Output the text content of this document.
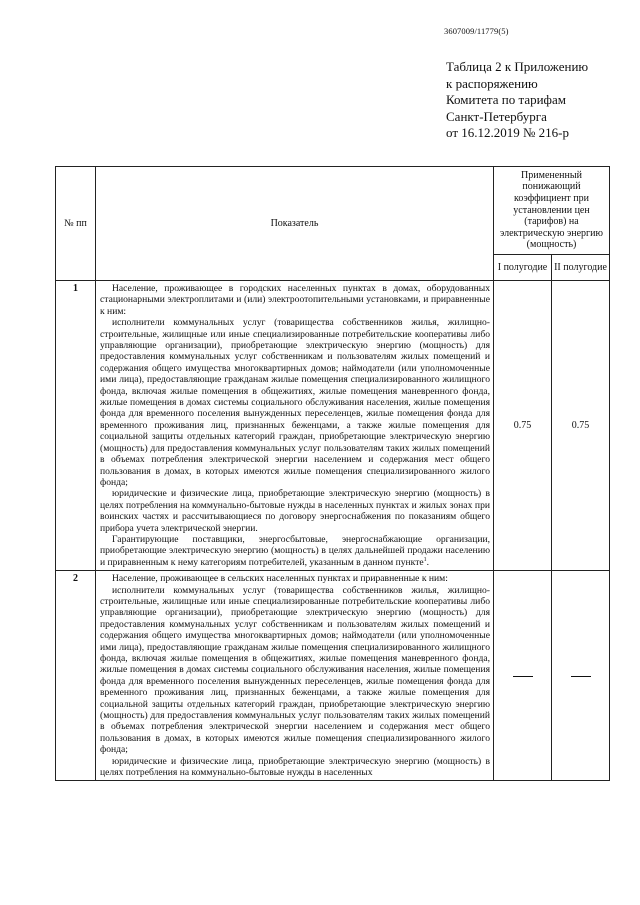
3607009/11779(5)
Таблица 2 к Приложению
к распоряжению
Комитета по тарифам
Санкт-Петербурга
от 16.12.2019 № 216-р
№ пп	Показатель	Примененный понижающий коэффициент при установлении цен (тарифов) на электрическую энергию (мощность)	
		I полугодие	II полугодие
1	Население, проживающее в городских населенных пунктах в домах, оборудованных стационарными электроплитами и (или) электроотопительными установками, и приравненные к ним:

исполнители коммунальных услуг (товарищества собственников жилья, жилищно-строительные, жилищные или иные специализированные потребительские кооперативы либо управляющие организации), приобретающие электрическую энергию (мощность) для предоставления коммунальных услуг собственникам и пользователям жилых помещений и содержания общего имущества многоквартирных домов; наймодатели (или уполномоченные ими лица), предоставляющие гражданам жилые помещения специализированного жилищного фонда, включая жилые помещения в общежитиях, жилые помещения маневренного фонда, жилые помещения в домах системы социального обслуживания населения, жилые помещения фонда для временного поселения вынужденных переселенцев, жилые помещения фонда для временного проживания лиц, признанных беженцами, а также жилые помещения для социальной защиты отдельных категорий граждан, приобретающие электрическую энергию (мощность) для предоставления коммунальных услуг пользователям таких жилых помещений в объемах потребления электрической энергии населением и содержания мест общего пользования в домах, в которых имеются жилые помещения специализированного жилого фонда;

юридические и физические лица, приобретающие электрическую энергию (мощность) в целях потребления на коммунально-бытовые нужды в населенных пунктах и жилых зонах при воинских частях и рассчитывающиеся по договору энергоснабжения по показаниям общего прибора учета электрической энергии.

Гарантирующие поставщики, энергосбытовые, энергоснабжающие организации, приобретающие электрическую энергию (мощность) в целях дальнейшей продажи населению и приравненным к нему категориям потребителей, указанным в данном пункте$^1$.	0.75	0.75
2	Население, проживающее в сельских населенных пунктах и приравненные к ним:

исполнители коммунальных услуг (товарищества собственников жилья, жилищно-строительные, жилищные или иные специализированные потребительские кооперативы либо управляющие организации), приобретающие электрическую энергию (мощность) для предоставления коммунальных услуг собственникам и пользователям жилых помещений и содержания общего имущества многоквартирных домов; наймодатели (или уполномоченные ими лица), предоставляющие гражданам жилые помещения специализированного жилищного фонда, включая жилые помещения в общежитиях, жилые помещения маневренного фонда, жилые помещения в домах системы социального обслуживания населения, жилые помещения фонда для временного поселения вынужденных переселенцев, жилые помещения фонда для временного проживания лиц, признанных беженцами, а также жилые помещения для социальной защиты отдельных категорий граждан, приобретающие электрическую энергию (мощность) для предоставления коммунальных услуг пользователям таких жилых помещений в объемах потребления электрической энергии населением и содержания мест общего пользования в домах, в которых имеются жилые помещения специализированного жилого фонда;

юридические и физические лица, приобретающие электрическую энергию (мощность) в целях потребления на коммунально-бытовые нужды в населенных		
